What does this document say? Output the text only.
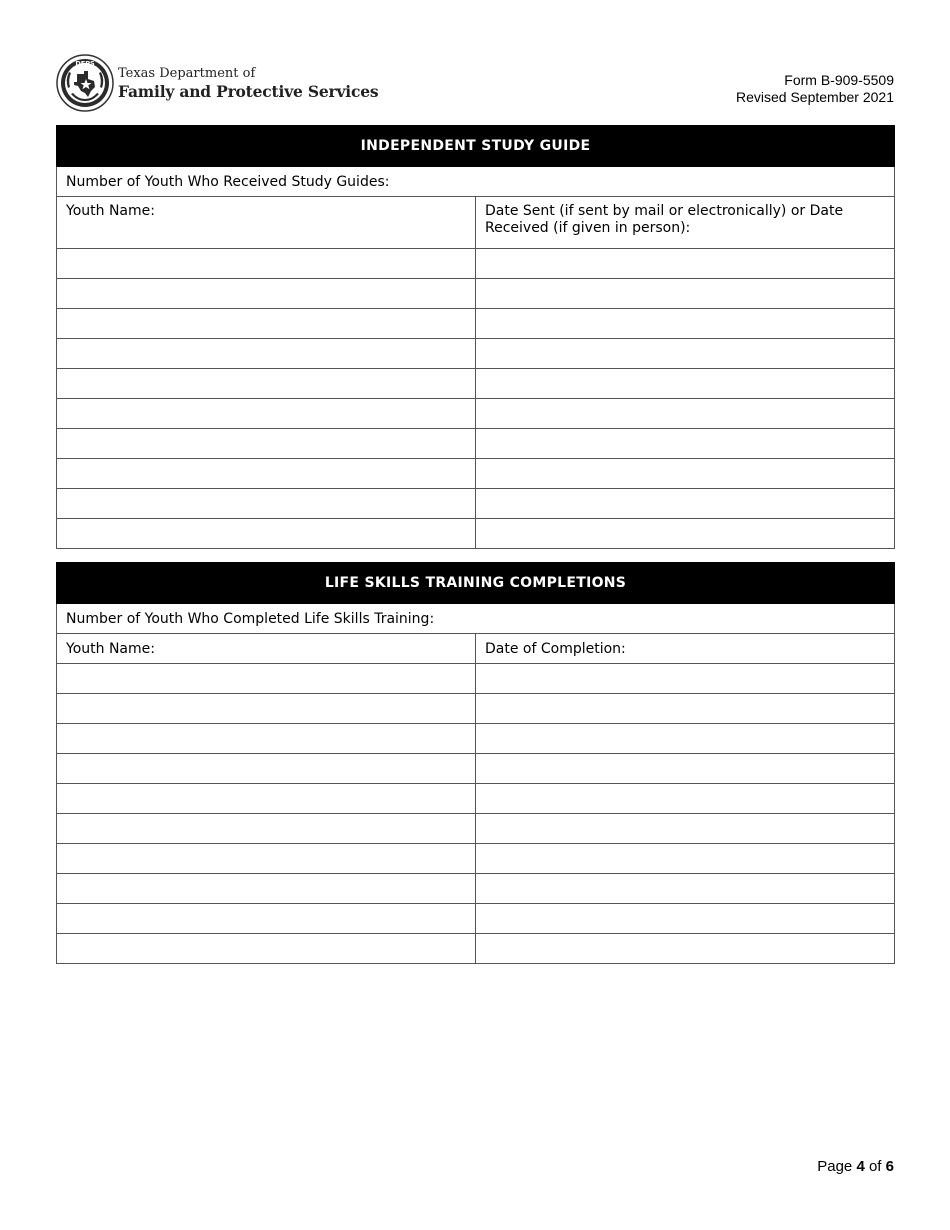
DFPS
Texas Department of
Family and Protective Services
Form B-909-5509
Revised September 2021
INDEPENDENT STUDY GUIDE	
Number of Youth Who Received Study Guides:	
Youth Name:	Date Sent (if sent by mail or electronically) or Date Received (if given in person):

LIFE SKILLS TRAINING COMPLETIONS	
Number of Youth Who Completed Life Skills Training:	
Youth Name:	Date of Completion:

Page 4 of 6
